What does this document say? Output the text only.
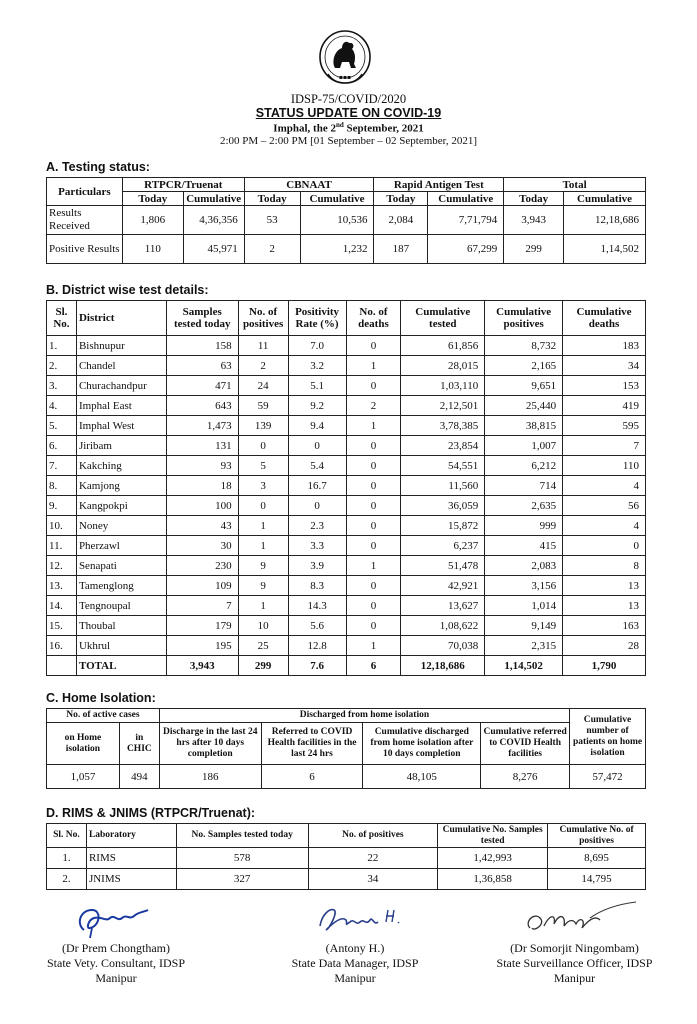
▪▪▪
IDSP-75/COVID/2020
STATUS UPDATE ON COVID-19
Imphal, the 2nd September, 2021
2:00 PM – 2:00 PM [01 September – 02 September, 2021]
A. Testing status:
Particulars	RTPCR/Truenat		CBNAAT		Rapid Antigen Test		Total	
	Today	Cumulative	Today	Cumulative	Today	Cumulative	Today	Cumulative
Results Received	1,806	4,36,356	53	10,536	2,084	7,71,794	3,943	12,18,686
Positive Results	110	45,971	2	1,232	187	67,299	299	1,14,502
B. District wise test details:
Sl. No.	District	Samples tested today	No. of positives	Positivity Rate (%)	No. of deaths	Cumulative tested	Cumulative positives	Cumulative deaths
1.	Bishnupur	158	11	7.0	0	61,856	8,732	183
2.	Chandel	63	2	3.2	1	28,015	2,165	34
3.	Churachandpur	471	24	5.1	0	1,03,110	9,651	153
4.	Imphal East	643	59	9.2	2	2,12,501	25,440	419
5.	Imphal West	1,473	139	9.4	1	3,78,385	38,815	595
6.	Jiribam	131	0	0	0	23,854	1,007	7
7.	Kakching	93	5	5.4	0	54,551	6,212	110
8.	Kamjong	18	3	16.7	0	11,560	714	4
9.	Kangpokpi	100	0	0	0	36,059	2,635	56
10.	Noney	43	1	2.3	0	15,872	999	4
11.	Pherzawl	30	1	3.3	0	6,237	415	0
12.	Senapati	230	9	3.9	1	51,478	2,083	8
13.	Tamenglong	109	9	8.3	0	42,921	3,156	13
14.	Tengnoupal	7	1	14.3	0	13,627	1,014	13
15.	Thoubal	179	10	5.6	0	1,08,622	9,149	163
16.	Ukhrul	195	25	12.8	1	70,038	2,315	28
	TOTAL	3,943	299	7.6	6	12,18,686	1,14,502	1,790
C. Home Isolation:
No. of active cases		Discharged from home isolation				Cumulative number of patients on home isolation
on Home isolation	in CHIC	Discharge in the last 24 hrs after 10 days completion	Referred to COVID Health facilities in the last 24 hrs	Cumulative discharged from home isolation after 10 days completion	Cumulative referred to COVID Health facilities	
1,057	494	186	6	48,105	8,276	57,472
D. RIMS & JNIMS (RTPCR/Truenat):
Sl. No.	Laboratory	No. Samples tested today	No. of positives	Cumulative No. Samples tested	Cumulative No. of positives
1.	RIMS	578	22	1,42,993	8,695
2.	JNIMS	327	34	1,36,858	14,795
(Dr Prem Chongtham)
State Vety. Consultant, IDSP
Manipur
(Antony H.)
State Data Manager, IDSP
Manipur
(Dr Somorjit Ningombam)
State Surveillance Officer, IDSP
Manipur
